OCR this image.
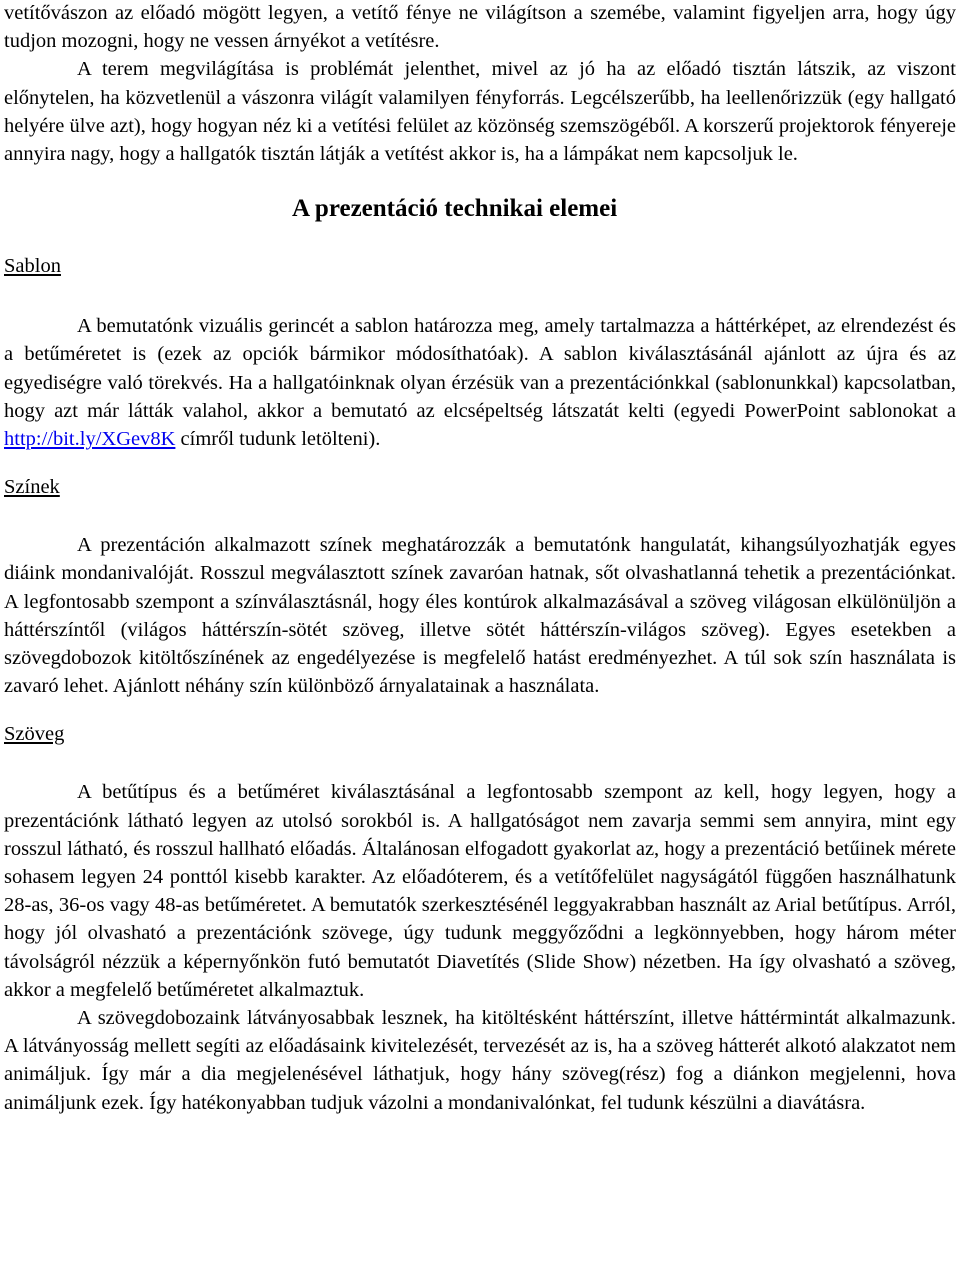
vetítővászon az előadó mögött legyen, a vetítő fénye ne világítson a szemébe, valamint figyeljen arra, hogy úgy tudjon mozogni, hogy ne vessen árnyékot a vetítésre.

A terem megvilágítása is problémát jelenthet, mivel az jó ha az előadó tisztán látszik, az viszont előnytelen, ha közvetlenül a vászonra világít valamilyen fényforrás. Legcélszerűbb, ha leellenőrizzük (egy hallgató helyére ülve azt), hogy hogyan néz ki a vetítési felület az közönség szemszögéből. A korszerű projektorok fényereje annyira nagy, hogy a hallgatók tisztán látják a vetítést akkor is, ha a lámpákat nem kapcsoljuk le.

A prezentáció technikai elemei
Sablon

A bemutatónk vizuális gerincét a sablon határozza meg, amely tartalmazza a háttérképet, az elrendezést és a betűméretet is (ezek az opciók bármikor módosíthatóak). A sablon kiválasztásánál ajánlott az újra és az egyediségre való törekvés. Ha a hallgatóinknak olyan érzésük van a prezentációnkkal (sablonunkkal) kapcsolatban, hogy azt már látták valahol, akkor a bemutató az elcsépeltség látszatát kelti (egyedi PowerPoint sablonokat a http://bit.ly/XGev8K címről tudunk letölteni).

Színek

A prezentáción alkalmazott színek meghatározzák a bemutatónk hangulatát, kihangsúlyozhatják egyes diáink mondanivalóját. Rosszul megválasztott színek zavaróan hatnak, sőt olvashatlanná tehetik a prezentációnkat. A legfontosabb szempont a színválasztásnál, hogy éles kontúrok alkalmazásával a szöveg világosan elkülönüljön a háttérszíntől (világos háttérszín-sötét szöveg, illetve sötét háttérszín-világos szöveg). Egyes esetekben a szövegdobozok kitöltőszínének az engedélyezése is megfelelő hatást eredményezhet. A túl sok szín használata is zavaró lehet. Ajánlott néhány szín különböző árnyalatainak a használata.

Szöveg

A betűtípus és a betűméret kiválasztásánal a legfontosabb szempont az kell, hogy legyen, hogy a prezentációnk látható legyen az utolsó sorokból is. A hallgatóságot nem zavarja semmi sem annyira, mint egy rosszul látható, és rosszul hallható előadás. Általánosan elfogadott gyakorlat az, hogy a prezentáció betűinek mérete sohasem legyen 24 ponttól kisebb karakter. Az előadóterem, és a vetítőfelület nagyságától függően használhatunk 28-as, 36-os vagy 48-as betűméretet. A bemutatók szerkesztésénél leggyakrabban használt az Arial betűtípus. Arról, hogy jól olvasható a prezentációnk szövege, úgy tudunk meggyőződni a legkönnyebben, hogy három méter távolságról nézzük a képernyőnkön futó bemutatót Diavetítés (Slide Show) nézetben. Ha így olvasható a szöveg, akkor a megfelelő betűméretet alkalmaztuk.

A szövegdobozaink látványosabbak lesznek, ha kitöltésként háttérszínt, illetve háttérmintát alkalmazunk. A látványosság mellett segíti az előadásaink kivitelezését, tervezését az is, ha a szöveg hátterét alkotó alakzatot nem animáljuk. Így már a dia megjelenésével láthatjuk, hogy hány szöveg(rész) fog a diánkon megjelenni, hova animáljunk ezek. Így hatékonyabban tudjuk vázolni a mondanivalónkat, fel tudunk készülni a diavátásra.
